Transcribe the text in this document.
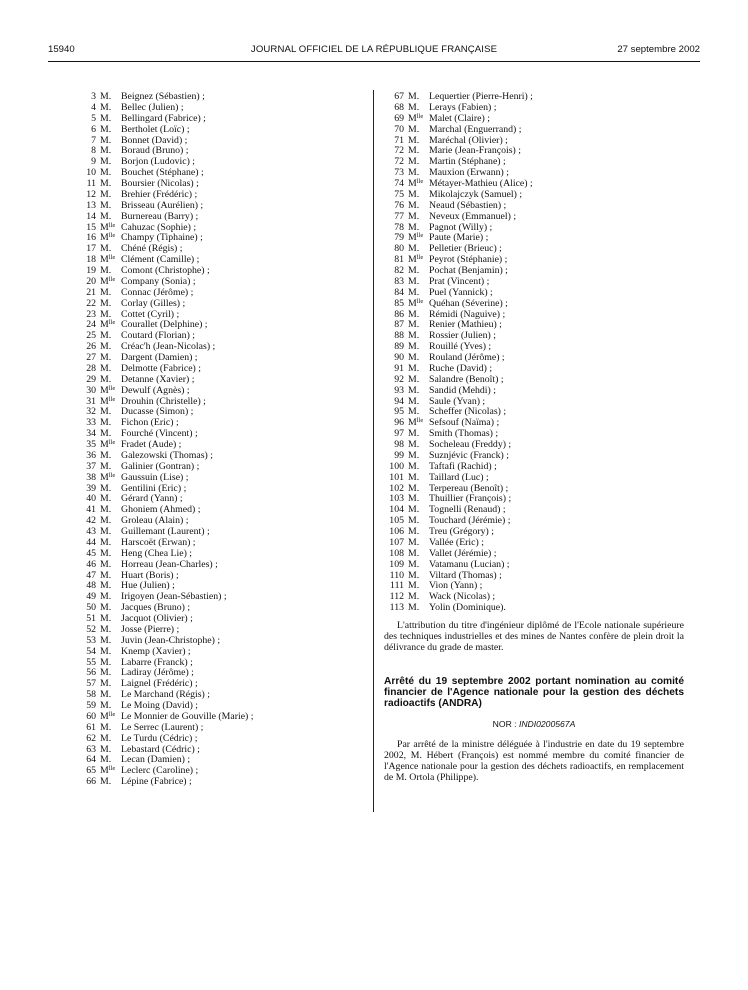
15940	JOURNAL OFFICIEL DE LA RÉPUBLIQUE FRANÇAISE	27 septembre 2002
3 M. Beignez (Sébastien) ;
4 M. Bellec (Julien) ;
5 M. Bellingard (Fabrice) ;
6 M. Bertholet (Loïc) ;
7 M. Bonnet (David) ;
8 M. Boraud (Bruno) ;
9 M. Borjon (Ludovic) ;
10 M. Bouchet (Stéphane) ;
11 M. Boursier (Nicolas) ;
12 M. Brehier (Frédéric) ;
13 M. Brisseau (Aurélien) ;
14 M. Burnereau (Barry) ;
15 $M^{lle}$ Cahuzac (Sophie) ;
16 $M^{lle}$ Champy (Tiphaine) ;
17 M. Chéné (Régis) ;
18 $M^{lle}$ Clément (Camille) ;
19 M. Comont (Christophe) ;
20 $M^{lle}$ Company (Sonia) ;
21 M. Connac (Jérôme) ;
22 M. Corlay (Gilles) ;
23 M. Cottet (Cyril) ;
24 $M^{lle}$ Courallet (Delphine) ;
25 M. Coutard (Florian) ;
26 M. Créac'h (Jean-Nicolas) ;
27 M. Dargent (Damien) ;
28 M. Delmotte (Fabrice) ;
29 M. Detanne (Xavier) ;
30 $M^{lle}$ Dewulf (Agnès) ;
31 $M^{lle}$ Drouhin (Christelle) ;
32 M. Ducasse (Simon) ;
33 M. Fichon (Eric) ;
34 M. Fourché (Vincent) ;
35 $M^{lle}$ Fradet (Aude) ;
36 M. Galezowski (Thomas) ;
37 M. Galinier (Gontran) ;
38 $M^{lle}$ Gaussuin (Lise) ;
39 M. Gentilini (Eric) ;
40 M. Gérard (Yann) ;
41 M. Ghoniem (Ahmed) ;
42 M. Groleau (Alain) ;
43 M. Guillemant (Laurent) ;
44 M. Harscoët (Erwan) ;
45 M. Heng (Chea Lie) ;
46 M. Horreau (Jean-Charles) ;
47 M. Huart (Boris) ;
48 M. Hue (Julien) ;
49 M. Irigoyen (Jean-Sébastien) ;
50 M. Jacques (Bruno) ;
51 M. Jacquot (Olivier) ;
52 M. Josse (Pierre) ;
53 M. Juvin (Jean-Christophe) ;
54 M. Knemp (Xavier) ;
55 M. Labarre (Franck) ;
56 M. Ladiray (Jérôme) ;
57 M. Laignel (Frédéric) ;
58 M. Le Marchand (Régis) ;
59 M. Le Moing (David) ;
60 $M^{lle}$ Le Monnier de Gouville (Marie) ;
61 M. Le Serrec (Laurent) ;
62 M. Le Turdu (Cédric) ;
63 M. Lebastard (Cédric) ;
64 M. Lecan (Damien) ;
65 $M^{lle}$ Leclerc (Caroline) ;
66 M. Lépine (Fabrice) ;
67 M. Lequertier (Pierre-Henri) ;
68 M. Lerays (Fabien) ;
69 $M^{lle}$ Malet (Claire) ;
70 M. Marchal (Enguerrand) ;
71 M. Maréchal (Olivier) ;
72 M. Marie (Jean-François) ;
72 M. Martin (Stéphane) ;
73 M. Mauxion (Erwann) ;
74 $M^{lle}$ Métayer-Mathieu (Alice) ;
75 M. Mikolajczyk (Samuel) ;
76 M. Neaud (Sébastien) ;
77 M. Neveux (Emmanuel) ;
78 M. Pagnot (Willy) ;
79 $M^{lle}$ Paute (Marie) ;
80 M. Pelletier (Brieuc) ;
81 $M^{lle}$ Peyrot (Stéphanie) ;
82 M. Pochat (Benjamin) ;
83 M. Prat (Vincent) ;
84 M. Puel (Yannick) ;
85 $M^{lle}$ Quéhan (Séverine) ;
86 M. Rémidi (Naguive) ;
87 M. Renier (Mathieu) ;
88 M. Rossier (Julien) ;
89 M. Rouillé (Yves) ;
90 M. Rouland (Jérôme) ;
91 M. Ruche (David) ;
92 M. Salandre (Benoît) ;
93 M. Sandid (Mehdi) ;
94 M. Saule (Yvan) ;
95 M. Scheffer (Nicolas) ;
96 $M^{lle}$ Sefsouf (Naïma) ;
97 M. Smith (Thomas) ;
98 M. Socheleau (Freddy) ;
99 M. Suznjévic (Franck) ;
100 M. Taftafi (Rachid) ;
101 M. Taillard (Luc) ;
102 M. Terpereau (Benoît) ;
103 M. Thuillier (François) ;
104 M. Tognelli (Renaud) ;
105 M. Touchard (Jérémie) ;
106 M. Treu (Grégory) ;
107 M. Vallée (Eric) ;
108 M. Vallet (Jérémie) ;
109 M. Vatamanu (Lucian) ;
110 M. Viltard (Thomas) ;
111 M. Vion (Yann) ;
112 M. Wack (Nicolas) ;
113 M. Yolin (Dominique).

L'attribution du titre d'ingénieur diplômé de l'Ecole nationale supérieure des techniques industrielles et des mines de Nantes confère de plein droit la délivrance du grade de master.

Arrêté du 19 septembre 2002 portant nomination au comité financier de l'Agence nationale pour la gestion des déchets radioactifs (ANDRA)

NOR : INDI0200567A

Par arrêté de la ministre déléguée à l'industrie en date du 19 septembre 2002, M. Hébert (François) est nommé membre du comité financier de l'Agence nationale pour la gestion des déchets radioactifs, en remplacement de M. Ortola (Philippe).
